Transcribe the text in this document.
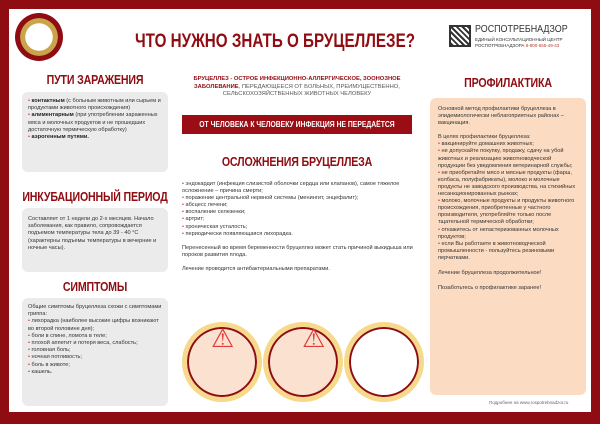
ЧТО НУЖНО ЗНАТЬ О БРУЦЕЛЛЕЗЕ?
РОСПОТРЕБНАДЗОР
ЕДИНЫЙ КОНСУЛЬТАЦИОННЫЙ ЦЕНТР
РОСПОТРЕБНАДЗОРА 8-800-555-49-43
ПУТИ ЗАРАЖЕНИЯ
• контактным (с больным животным или сырьем и продуктами животного происхождения)
• алиментарным (при употреблении зараженных мяса и молочных продуктов и не прошедших достаточную термическую обработку)
• аэрогенным путями.
ИНКУБАЦИОННЫЙ ПЕРИОД
Составляет от 1 недели до 2-х месяцев. Начало заболевания, как правило, сопровождается подъемом температуры тела до 39 - 40 °С (характерны подъемы температуры в вечерние и ночные часы).
СИМПТОМЫ

Общие симптомы бруцеллеза схожи с симптомами гриппа:

• лихорадка (наиболее высокие цифры возникают во второй половине дня);
• боли в спине, ломота в теле;
• плохой аппетит и потеря веса, слабость;
• головная боль;
• ночная потливость;
• боль в животе;
• кашель.
БРУЦЕЛЛЕЗ - ОСТРОЕ ИНФЕКЦИОННО-АЛЛЕРГИЧЕСКОЕ, ЗООНОЗНОЕ ЗАБОЛЕВАНИЕ, ПЕРЕДАЮЩЕЕСЯ ОТ БОЛЬНЫХ, ПРЕИМУЩЕСТВЕННО, СЕЛЬСКОХОЗЯЙСТВЕННЫХ ЖИВОТНЫХ ЧЕЛОВЕКУ
ОТ ЧЕЛОВЕКА К ЧЕЛОВЕКУ ИНФЕКЦИЯ НЕ ПЕРЕДАЁТСЯ
ОСЛОЖНЕНИЯ БРУЦЕЛЛЕЗА
• эндокардит (инфекция слизистой оболочки сердца или клапанов), самое тяжелое осложнение – причина смерти;
• поражение центральной нервной системы (менингит, энцефалит);
• абсцесс печени;
• воспаление селезенки;
• артрит;
• хроническая усталость;
• периодически появляющаяся лихорадка.

Перенесенный во время беременности бруцеллез может стать причиной выкидыша или пороков развития плода.

Лечение проводится антибактериальными препаратами.

⚠	⚠
ПРОФИЛАКТИКА

Основной метод профилактики бруцеллеза в эпидемиологически неблагоприятных районах – вакцинация.

В целях профилактики бруцеллеза:

• вакцинируйте домашних животных;
• не допускайте покупку, продажу, сдачу на убой животных и реализацию животноводческой продукции без уведомления ветеринарной службы;
• не приобретайте мясо и мясные продукты (фарш, колбаса, полуфабрикаты), молоко и молочные продукты не заводского производства, на стихийных несанкционированных рынках;
• молоко, молочные продукты и продукты животного происхождения, приобретенные у частного производителя, употребляйте только после тщательной термической обработки;
• откажитесь от непастеризованных молочных продуктов;
• если Вы работаете в животноводческой промышленности - пользуйтесь резиновыми перчатками.

Лечение бруцеллеза продолжительное!

Позаботьтесь о профилактике заранее!

Подробнее на www.rospotrebnadzor.ru
